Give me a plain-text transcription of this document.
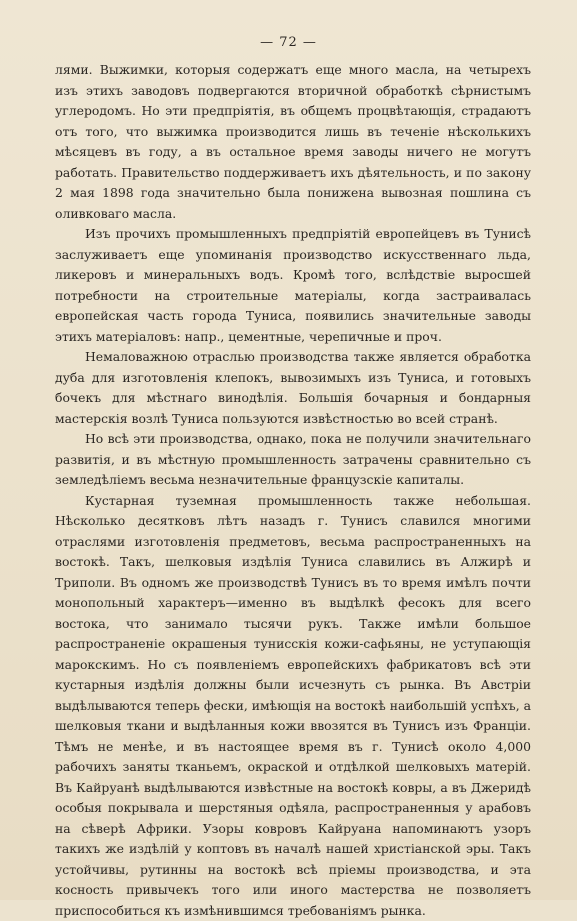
— 72 —

лями. Выжимки, которыя содержатъ еще много масла, на четырехъ изъ этихъ заводовъ подвергаются вторичной обработкѣ сѣрнистымъ углеродомъ. Но эти предпріятія, въ общемъ процвѣтающія, страдаютъ отъ того, что выжимка производится лишь въ теченіе нѣсколькихъ мѣсяцевъ въ году, а въ остальное время заводы ничего не могутъ работать. Правительство поддерживаетъ ихъ дѣятельность, и по закону 2 мая 1898 года значительно была понижена вывозная пошлина съ оливковаго масла.

Изъ прочихъ промышленныхъ предпріятій европейцевъ въ Тунисѣ заслуживаетъ еще упоминанія производство искусственнаго льда, ликеровъ и минеральныхъ водъ. Кромѣ того, вслѣдствіе выросшей потребности на строительные матеріалы, когда застраивалась европейская часть города Туниса, появились значительные заводы этихъ матеріаловъ: напр., цементные, черепичные и проч.

Немаловажною отраслью производства также является обработка дуба для изготовленія клепокъ, вывозимыхъ изъ Туниса, и готовыхъ бочекъ для мѣстнаго винодѣлія. Большія бочарныя и бондарныя мастерскія возлѣ Туниса пользуются извѣстностью во всей странѣ.

Но всѣ эти производства, однако, пока не получили значительнаго развитія, и въ мѣстную промышленность затрачены сравнительно съ земледѣліемъ весьма незначительные французскіе капиталы.

Кустарная туземная промышленность также небольшая. Нѣсколько десятковъ лѣтъ назадъ г. Тунисъ славился многими отраслями изготовленія предметовъ, весьма распространенныхъ на востокѣ. Такъ, шелковыя издѣлія Туниса славились въ Алжирѣ и Триполи. Въ одномъ же производствѣ Тунисъ въ то время имѣлъ почти монопольный характеръ—именно въ выдѣлкѣ фесокъ для всего востока, что занимало тысячи рукъ. Также имѣли большое распространеніе окрашеныя тунисскія кожи-сафьяны, не уступающія марокскимъ. Но съ появленіемъ европейскихъ фабрикатовъ всѣ эти кустарныя издѣлія должны были исчезнуть съ рынка. Въ Австріи выдѣлываются теперь фески, имѣющія на востокѣ наибольшій успѣхъ, а шелковыя ткани и выдѣланныя кожи ввозятся въ Тунисъ изъ Франціи. Тѣмъ не менѣе, и въ настоящее время въ г. Тунисѣ около 4,000 рабочихъ заняты тканьемъ, окраской и отдѣлкой шелковыхъ матерій. Въ Кайруанѣ выдѣлываются извѣстные на востокѣ ковры, а въ Джеридѣ особыя покрывала и шерстяныя одѣяла, распространенныя у арабовъ на сѣверѣ Африки. Узоры ковровъ Кайруана напоминаютъ узоръ такихъ же издѣлій у коптовъ въ началѣ нашей христіанской эры. Такъ устойчивы, рутинны на востокѣ всѣ пріемы производства, и эта косность привычекъ того или иного мастерства не позволяетъ приспособиться къ измѣнившимся требованіямъ рынка.
